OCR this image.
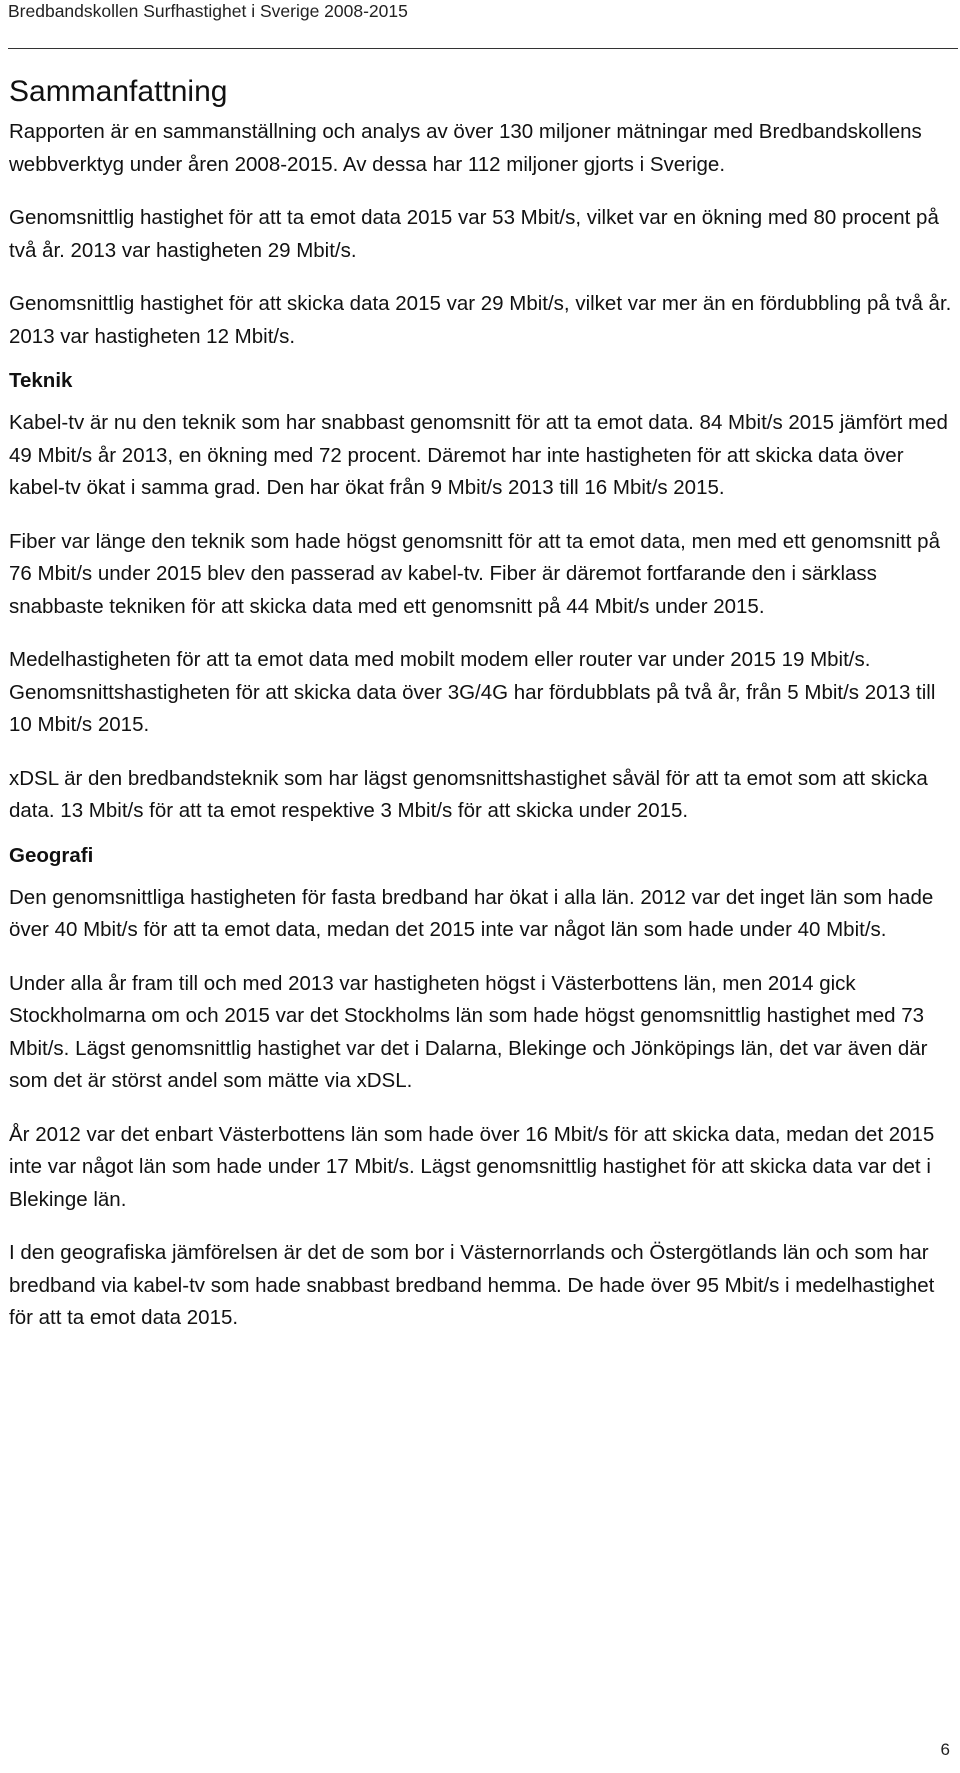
Bredbandskollen Surfhastighet i Sverige 2008-2015
Sammanfattning

Rapporten är en sammanställning och analys av över 130 miljoner mätningar med Bredbandskollens webbverktyg under åren 2008-2015. Av dessa har 112 miljoner gjorts i Sverige.

Genomsnittlig hastighet för att ta emot data 2015 var 53 Mbit/s, vilket var en ökning med 80 procent på två år. 2013 var hastigheten 29 Mbit/s.

Genomsnittlig hastighet för att skicka data 2015 var 29 Mbit/s, vilket var mer än en fördubbling på två år. 2013 var hastigheten 12 Mbit/s.

Teknik

Kabel-tv är nu den teknik som har snabbast genomsnitt för att ta emot data. 84 Mbit/s 2015 jämfört med 49 Mbit/s år 2013, en ökning med 72 procent. Däremot har inte hastigheten för att skicka data över kabel-tv ökat i samma grad. Den har ökat från 9 Mbit/s 2013 till 16 Mbit/s 2015.

Fiber var länge den teknik som hade högst genomsnitt för att ta emot data, men med ett genomsnitt på 76 Mbit/s under 2015 blev den passerad av kabel-tv. Fiber är däremot fortfarande den i särklass snabbaste tekniken för att skicka data med ett genomsnitt på 44 Mbit/s under 2015.

Medelhastigheten för att ta emot data med mobilt modem eller router var under 2015 19 Mbit/s. Genomsnittshastigheten för att skicka data över 3G/4G har fördubblats på två år, från 5 Mbit/s 2013 till 10 Mbit/s 2015.

xDSL är den bredbandsteknik som har lägst genomsnittshastighet såväl för att ta emot som att skicka data. 13 Mbit/s för att ta emot respektive 3 Mbit/s för att skicka under 2015.

Geografi

Den genomsnittliga hastigheten för fasta bredband har ökat i alla län. 2012 var det inget län som hade över 40 Mbit/s för att ta emot data, medan det 2015 inte var något län som hade under 40 Mbit/s.

Under alla år fram till och med 2013 var hastigheten högst i Västerbottens län, men 2014 gick Stockholmarna om och 2015 var det Stockholms län som hade högst genomsnittlig hastighet med 73 Mbit/s. Lägst genomsnittlig hastighet var det i Dalarna, Blekinge och Jönköpings län, det var även där som det är störst andel som mätte via xDSL.

År 2012 var det enbart Västerbottens län som hade över 16 Mbit/s för att skicka data, medan det 2015 inte var något län som hade under 17 Mbit/s. Lägst genomsnittlig hastighet för att skicka data var det i Blekinge län.

I den geografiska jämförelsen är det de som bor i Västernorrlands och Östergötlands län och som har bredband via kabel-tv som hade snabbast bredband hemma. De hade över 95 Mbit/s i medelhastighet för att ta emot data 2015.

6
